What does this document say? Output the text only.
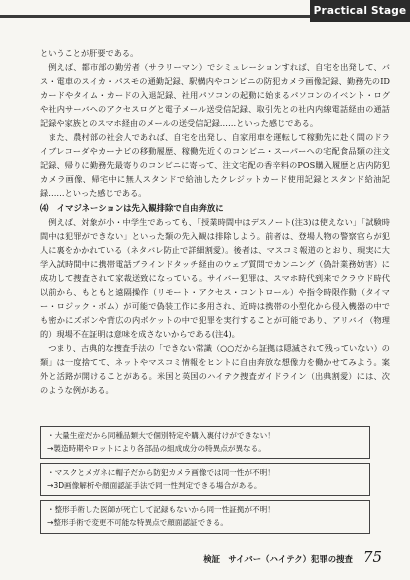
Practical Stage

ということが肝要である。

例えば、都市部の勤労者（サラリーマン）でシミュレーションすれば、自宅を出発して、バス・電車のスイカ・パスモの通勤記録、駅構内やコンビニの防犯カメラ画像記録、勤務先のIDカードやタイム・カードの入退記録、社用パソコンの起動に始まるパソコンのイベント・ログや社内サーバへのアクセスログと電子メール送受信記録、取引先との社内内線電話経由の通話記録や家族とのスマホ経由のメールの送受信記録……といった感じである。

また、農村部の社会人であれば、自宅を出発し、自家用車を運転して稼動先に赴く間のドライブレコーダやカーナビの移動履歴、稼働先近くのコンビニ・スーパーへの宅配食品類の注文記録、帰りに勤務先最寄りのコンビニに寄って、注文宅配の香辛料のPOS購入履歴と店内防犯カメラ画像、帰宅中に無人スタンドで給油したクレジットカード使用記録とスタンド給油記録……といった感じである。

⑷　イマジネーションは先入観排除で自由奔放に

例えば、対象が小・中学生であっても、「授業時間中はデスノート(注3)は使えない」「試験時間中は犯罪ができない」といった類の先入観は排除しよう。前者は、登場人物の警察官らが犯人に裏をかかれている（ネタバレ防止で詳細割愛）。後者は、マスコミ報道のとおり、現実に大学入試時間中に携帯電話ブラインドタッチ経由のウェブ質問でカンニング（偽計業務妨害）に成功して捜査されて家裁送致になっている。サイバー犯罪は、スマホ時代到来でクラウド時代以前から、もともと遠隔操作（リモート・アクセス・コントロール）や指令時限作動（タイマー・ロジック・ボム）が可能で偽装工作に多用され、近時は携帯の小型化から侵入機器の中でも密かにズボンや背広の内ポケットの中で犯罪を実行することが可能であり、アリバイ（物理的）現場不在証明は意味を成さないからである(注4)。

つまり、古典的な捜査手法の「できない常識（○○だから証拠は隠滅されて残っていない）の類」は一度捨てて、ネットやマスコミ情報をヒントに自由奔放な想像力を働かせてみよう。案外と活路が開けることがある。米国と英国のハイテク捜査ガイドライン（出典割愛）には、次のような例がある。

・大量生産だから同種品類大で個別特定や購入裏付けができない！
→製造時期やロットにより各部品の組成成分の特異点が異なる。
・マスクとメガネに帽子だから防犯カメラ画像では同一性が不明！
→3D画像解析や顔面認証手法で同一性判定できる場合がある。
・整形手術した医師が死亡して記録もないから同一性証拠が不明！
→整形手術で変更不可能な特異点で顔面認証できる。
検証　サイバー（ハイテク）犯罪の捜査 75
